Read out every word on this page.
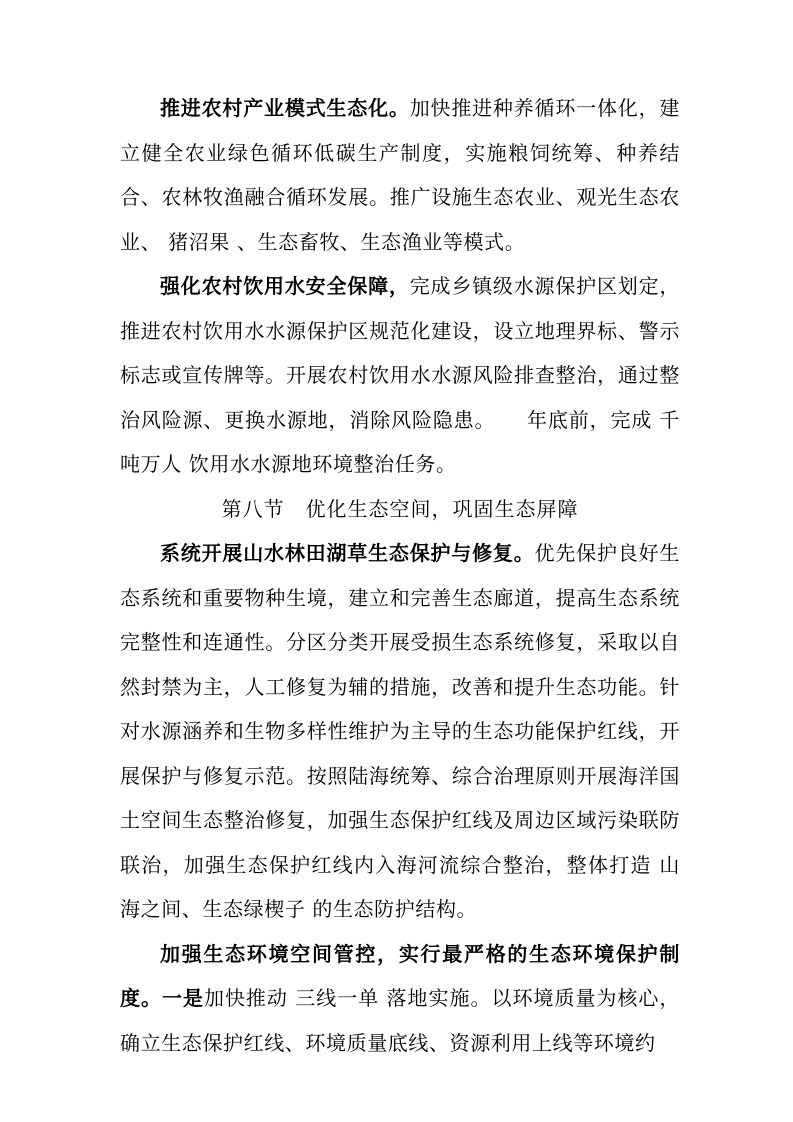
推进农村产业模式生态化。加快推进种养循环一体化，建立健全农业绿色循环低碳生产制度，实施粮饲统筹、种养结合、农林牧渔融合循环发展。推广设施生态农业、观光生态农业、 猪沼果 、生态畜牧、生态渔业等模式。

强化农村饮用水安全保障，完成乡镇级水源保护区划定，推进农村饮用水水源保护区规范化建设，设立地理界标、警示标志或宣传牌等。开展农村饮用水水源风险排查整治，通过整治风险源、更换水源地，消除风险隐患。　　年底前，完成 千吨万人 饮用水水源地环境整治任务。

第八节　优化生态空间，巩固生态屏障

系统开展山水林田湖草生态保护与修复。优先保护良好生态系统和重要物种生境，建立和完善生态廊道，提高生态系统完整性和连通性。分区分类开展受损生态系统修复，采取以自然封禁为主，人工修复为辅的措施，改善和提升生态功能。针对水源涵养和生物多样性维护为主导的生态功能保护红线，开展保护与修复示范。按照陆海统筹、综合治理原则开展海洋国土空间生态整治修复，加强生态保护红线及周边区域污染联防联治，加强生态保护红线内入海河流综合整治，整体打造 山海之间、生态绿楔子 的生态防护结构。

加强生态环境空间管控，实行最严格的生态环境保护制度。一是加快推动 三线一单 落地实施。以环境质量为核心，确立生态保护红线、环境质量底线、资源利用上线等环境约
